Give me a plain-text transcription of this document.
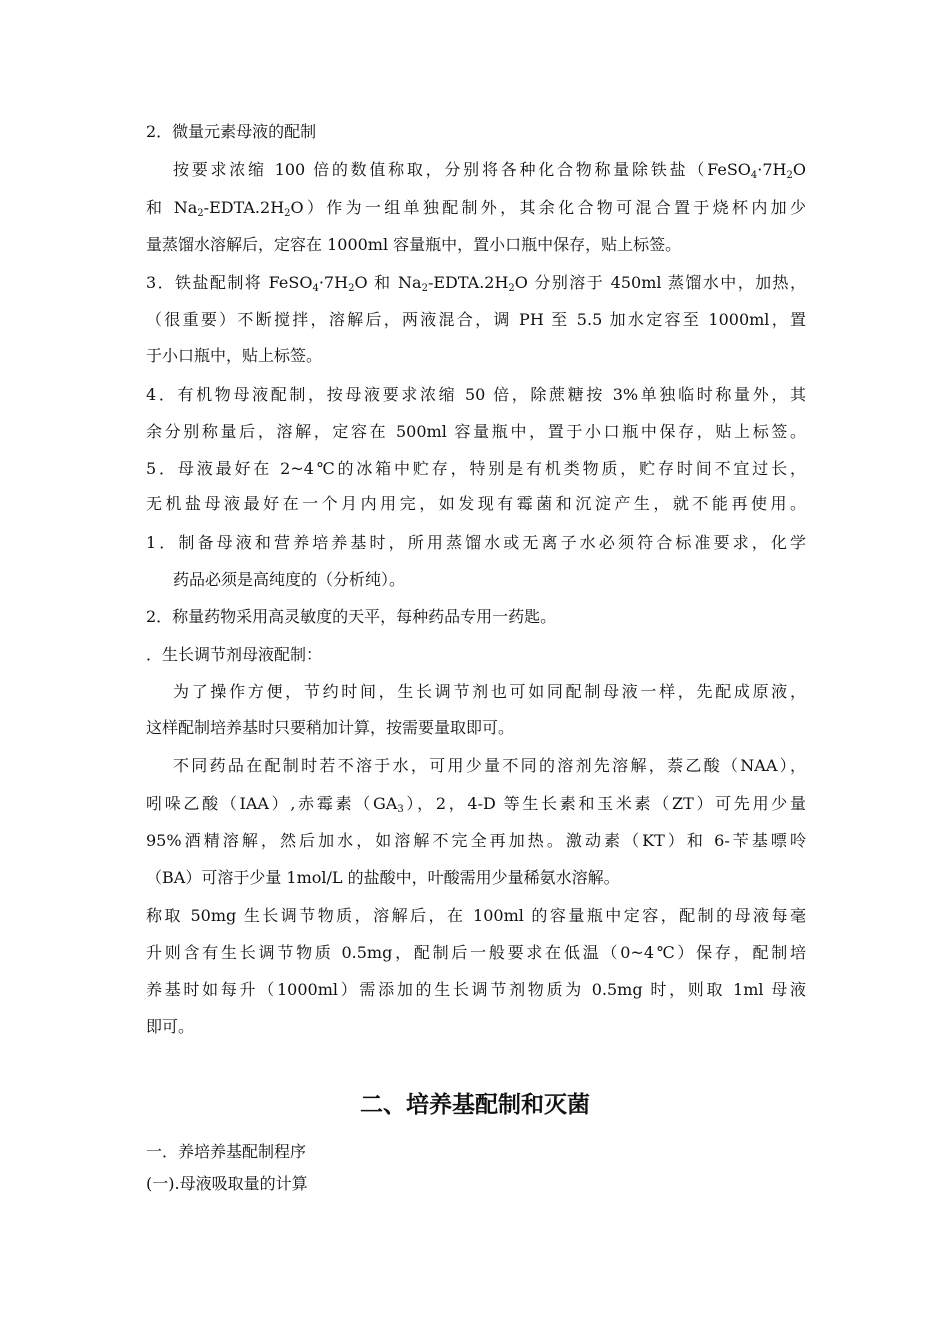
2．微量元素母液的配制

按要求浓缩 100 倍的数值称取，分别将各种化合物称量除铁盐（$FeSO_4\cdot 7H_2O$

和 $Na_2-EDTA.2H_2O$）作为一组单独配制外，其余化合物可混合置于烧杯内加少

量蒸馏水溶解后，定容在 1000ml 容量瓶中，置小口瓶中保存，贴上标签。

3．铁盐配制将 $FeSO_4\cdot 7H_2O$ 和 $Na_2-EDTA.2H_2O$ 分别溶于 450ml 蒸馏水中，加热，

（很重要）不断搅拌，溶解后，两液混合，调 PH 至 5.5 加水定容至 1000ml，置

于小口瓶中，贴上标签。

4．有机物母液配制，按母液要求浓缩 50 倍，除蔗糖按 3%单独临时称量外，其

余分别称量后，溶解，定容在 500ml 容量瓶中，置于小口瓶中保存，贴上标签。

5．母液最好在 2~4℃的冰箱中贮存，特别是有机类物质，贮存时间不宜过长，

无机盐母液最好在一个月内用完，如发现有霉菌和沉淀产生，就不能再使用。

1．制备母液和营养培养基时，所用蒸馏水或无离子水必须符合标准要求，化学

药品必须是高纯度的（分析纯）。

2．称量药物采用高灵敏度的天平，每种药品专用一药匙。

．生长调节剂母液配制：

为了操作方便，节约时间，生长调节剂也可如同配制母液一样，先配成原液，

这样配制培养基时只要稍加计算，按需要量取即可。

不同药品在配制时若不溶于水，可用少量不同的溶剂先溶解，萘乙酸（NAA），

吲哚乙酸（IAA）,赤霉素$(GA_3)$，2，4-D 等生长素和玉米素（ZT）可先用少量

95%酒精溶解，然后加水，如溶解不完全再加热。激动素（KT）和 6-苄基嘌呤

（BA）可溶于少量 1mol/L 的盐酸中，叶酸需用少量稀氨水溶解。

称取 50mg 生长调节物质，溶解后，在 100ml 的容量瓶中定容，配制的母液每毫

升则含有生长调节物质 0.5mg，配制后一般要求在低温（0~4℃）保存，配制培

养基时如每升（1000ml）需添加的生长调节剂物质为 0.5mg 时，则取 1ml 母液

即可。

二、培养基配制和灭菌

一．养培养基配制程序

(一).母液吸取量的计算
